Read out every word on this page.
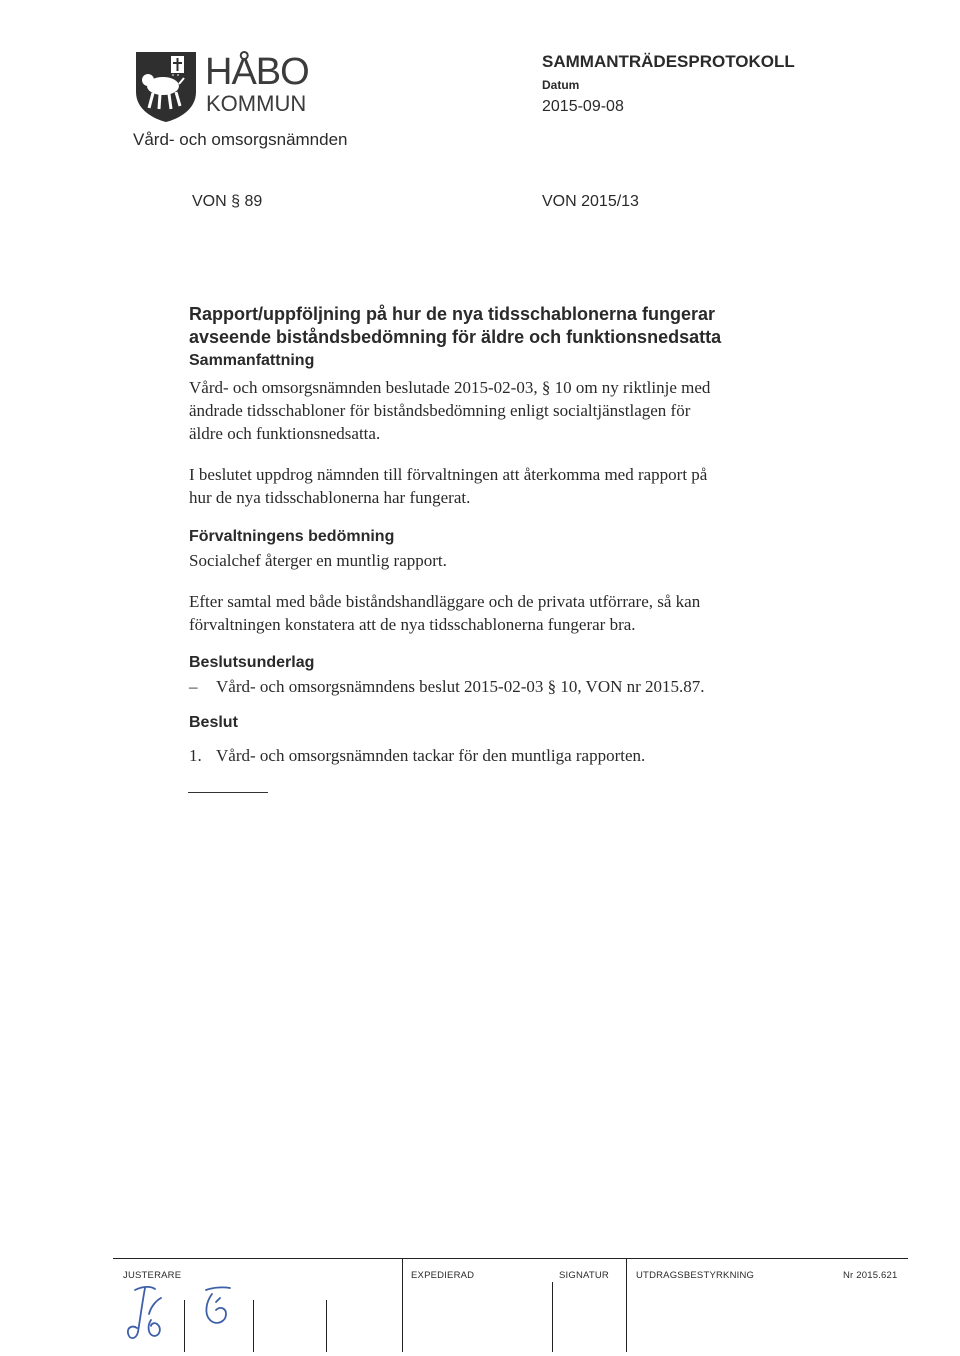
HÅBO
KOMMUN
Vård- och omsorgsnämnden
SAMMANTRÄDESPROTOKOLL
Datum
2015-09-08
VON § 89	VON 2015/13
Rapport/uppföljning på hur de nya tidsschablonerna fungerar
avseende biståndsbedömning för äldre och funktionsnedsatta
Sammanfattning
Vård- och omsorgsnämnden beslutade 2015-02-03, § 10 om ny riktlinje med
ändrade tidsschabloner för biståndsbedömning enligt socialtjänstlagen för
äldre och funktionsnedsatta.
I beslutet uppdrog nämnden till förvaltningen att återkomma med rapport på
hur de nya tidsschablonerna har fungerat.
Förvaltningens bedömning
Socialchef återger en muntlig rapport.
Efter samtal med både biståndshandläggare och de privata utförrare, så kan
förvaltningen konstatera att de nya tidsschablonerna fungerar bra.
Beslutsunderlag
–	Vård- och omsorgsnämndens beslut 2015-02-03 § 10, VON nr 2015.87.
Beslut
1. Vård- och omsorgsnämnden tackar för den muntliga rapporten.
JUSTERARE	EXPEDIERAD	SIGNATUR	UTDRAGSBESTYRKNING	Nr 2015.621
